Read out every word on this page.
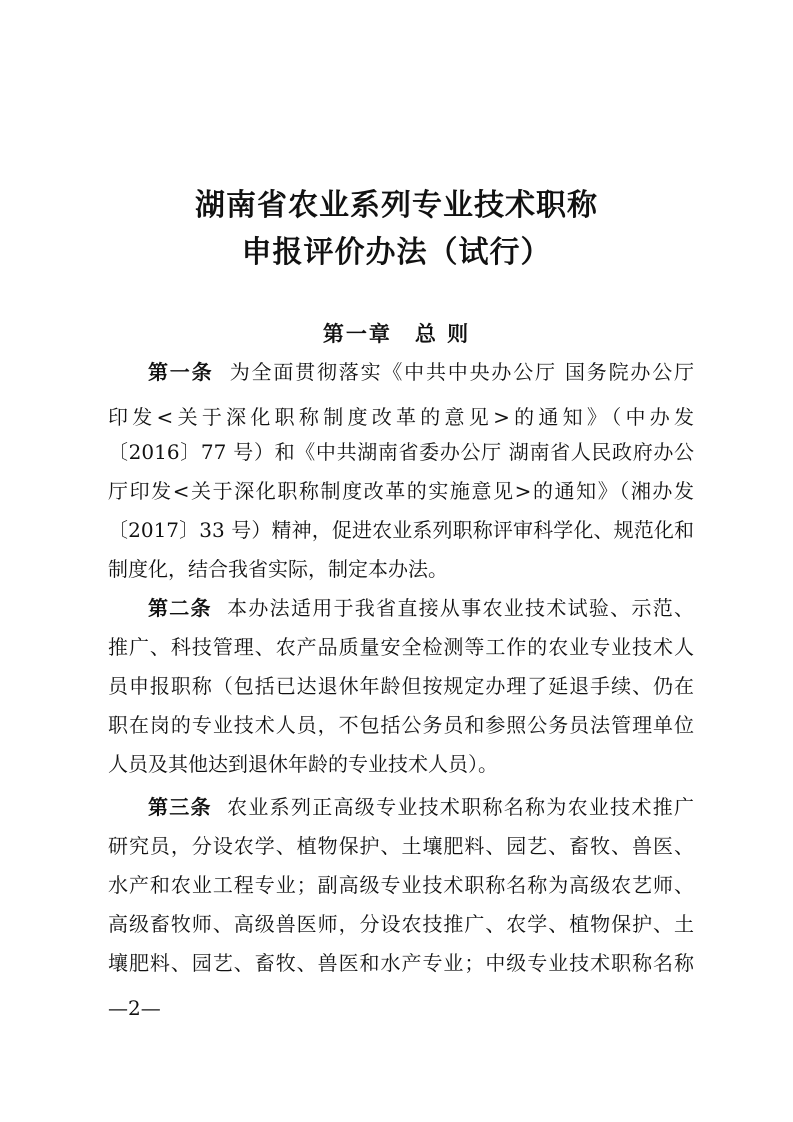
湖南省农业系列专业技术职称
申报评价办法（试行）
第一章　总 则
第一条 为全面贯彻落实《中共中央办公厅 国务院办公厅
印发<关于深化职称制度改革的意见>的通知》（中办发
〔2016〕77 号）和《中共湖南省委办公厅 湖南省人民政府办公
厅印发<关于深化职称制度改革的实施意见>的通知》（湘办发
〔2017〕33 号）精神，促进农业系列职称评审科学化、规范化和
制度化，结合我省实际，制定本办法。
第二条 本办法适用于我省直接从事农业技术试验、示范、
推广、科技管理、农产品质量安全检测等工作的农业专业技术人
员申报职称（包括已达退休年龄但按规定办理了延退手续、仍在
职在岗的专业技术人员，不包括公务员和参照公务员法管理单位
人员及其他达到退休年龄的专业技术人员）。
第三条 农业系列正高级专业技术职称名称为农业技术推广
研究员，分设农学、植物保护、土壤肥料、园艺、畜牧、兽医、
水产和农业工程专业；副高级专业技术职称名称为高级农艺师、
高级畜牧师、高级兽医师，分设农技推广、农学、植物保护、土
壤肥料、园艺、畜牧、兽医和水产专业；中级专业技术职称名称
—2—
